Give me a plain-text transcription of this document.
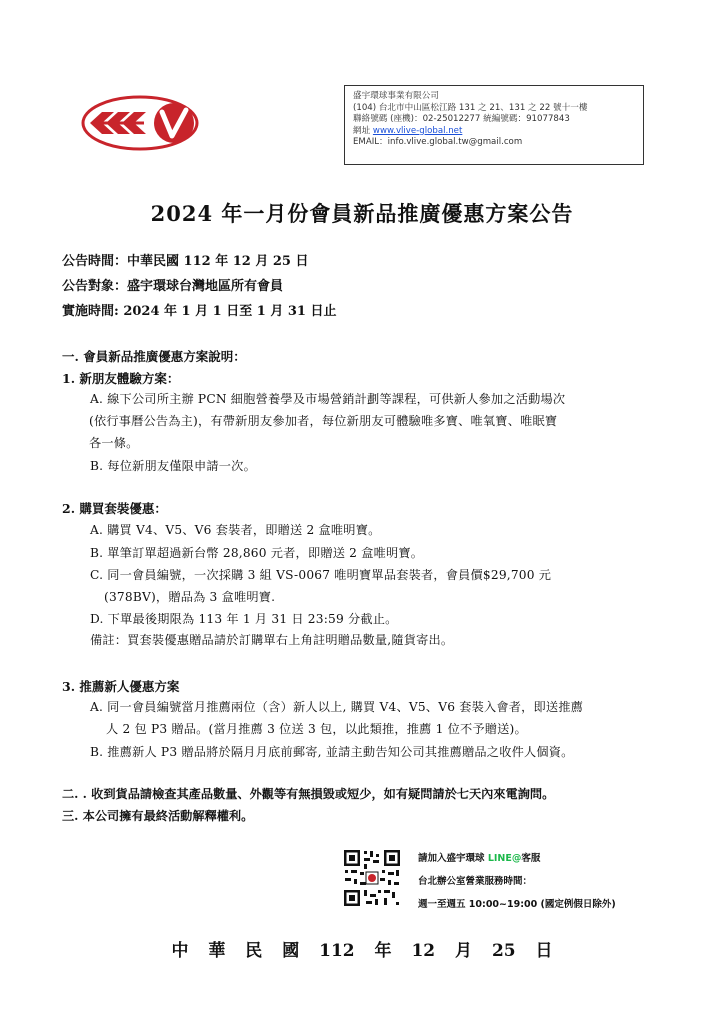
盛宇環球事業有限公司
(104) 台北市中山區松江路 131 之 21、131 之 22 號十一樓
聯絡號碼 (座機)：02-25012277 統編號碼：91077843
網址 www.vlive-global.net
EMAIL：info.vlive.global.tw@gmail.com
2024 年一月份會員新品推廣優惠方案公告
公告時間：中華民國 112 年 12 月 25 日
公告對象：盛宇環球台灣地區所有會員
實施時間: 2024 年 1 月 1 日至 1 月 31 日止
一. 會員新品推廣優惠方案說明：
1. 新朋友體驗方案：
A. 線下公司所主辦 PCN 細胞營養學及市場營銷計劃等課程，可供新人參加之活動場次
(依行事曆公告為主)，有帶新朋友參加者，每位新朋友可體驗唯多寶、唯氧寶、唯眠寶
各一條。
B. 每位新朋友僅限申請一次。
2. 購買套裝優惠：
A. 購買 V4、V5、V6 套裝者，即贈送 2 盒唯明寶。
B. 單筆訂單超過新台幣 28,860 元者，即贈送 2 盒唯明寶。
C. 同一會員編號，一次採購 3 組 VS-0067 唯明寶單品套裝者，會員價$29,700 元
(378BV)，贈品為 3 盒唯明寶.
D. 下單最後期限為 113 年 1 月 31 日 23:59 分截止。
備註：買套裝優惠贈品請於訂購單右上角註明贈品數量,隨貨寄出。
3. 推薦新人優惠方案
A. 同一會員編號當月推薦兩位（含）新人以上, 購買 V4、V5、V6 套裝入會者，即送推薦
人 2 包 P3 贈品。(當月推薦 3 位送 3 包，以此類推，推薦 1 位不予贈送)。
B. 推薦新人 P3 贈品將於隔月月底前郵寄, 並請主動告知公司其推薦贈品之收件人個資。
二. . 收到貨品請檢查其產品數量、外觀等有無損毀或短少，如有疑問請於七天內來電詢問。
三. 本公司擁有最終活動解釋權利。
請加入盛宇環球 LINE@客服
台北辦公室營業服務時間：
週一至週五 10:00~19:00 (國定例假日除外)
中 華 民 國 112 年 12 月 25 日
